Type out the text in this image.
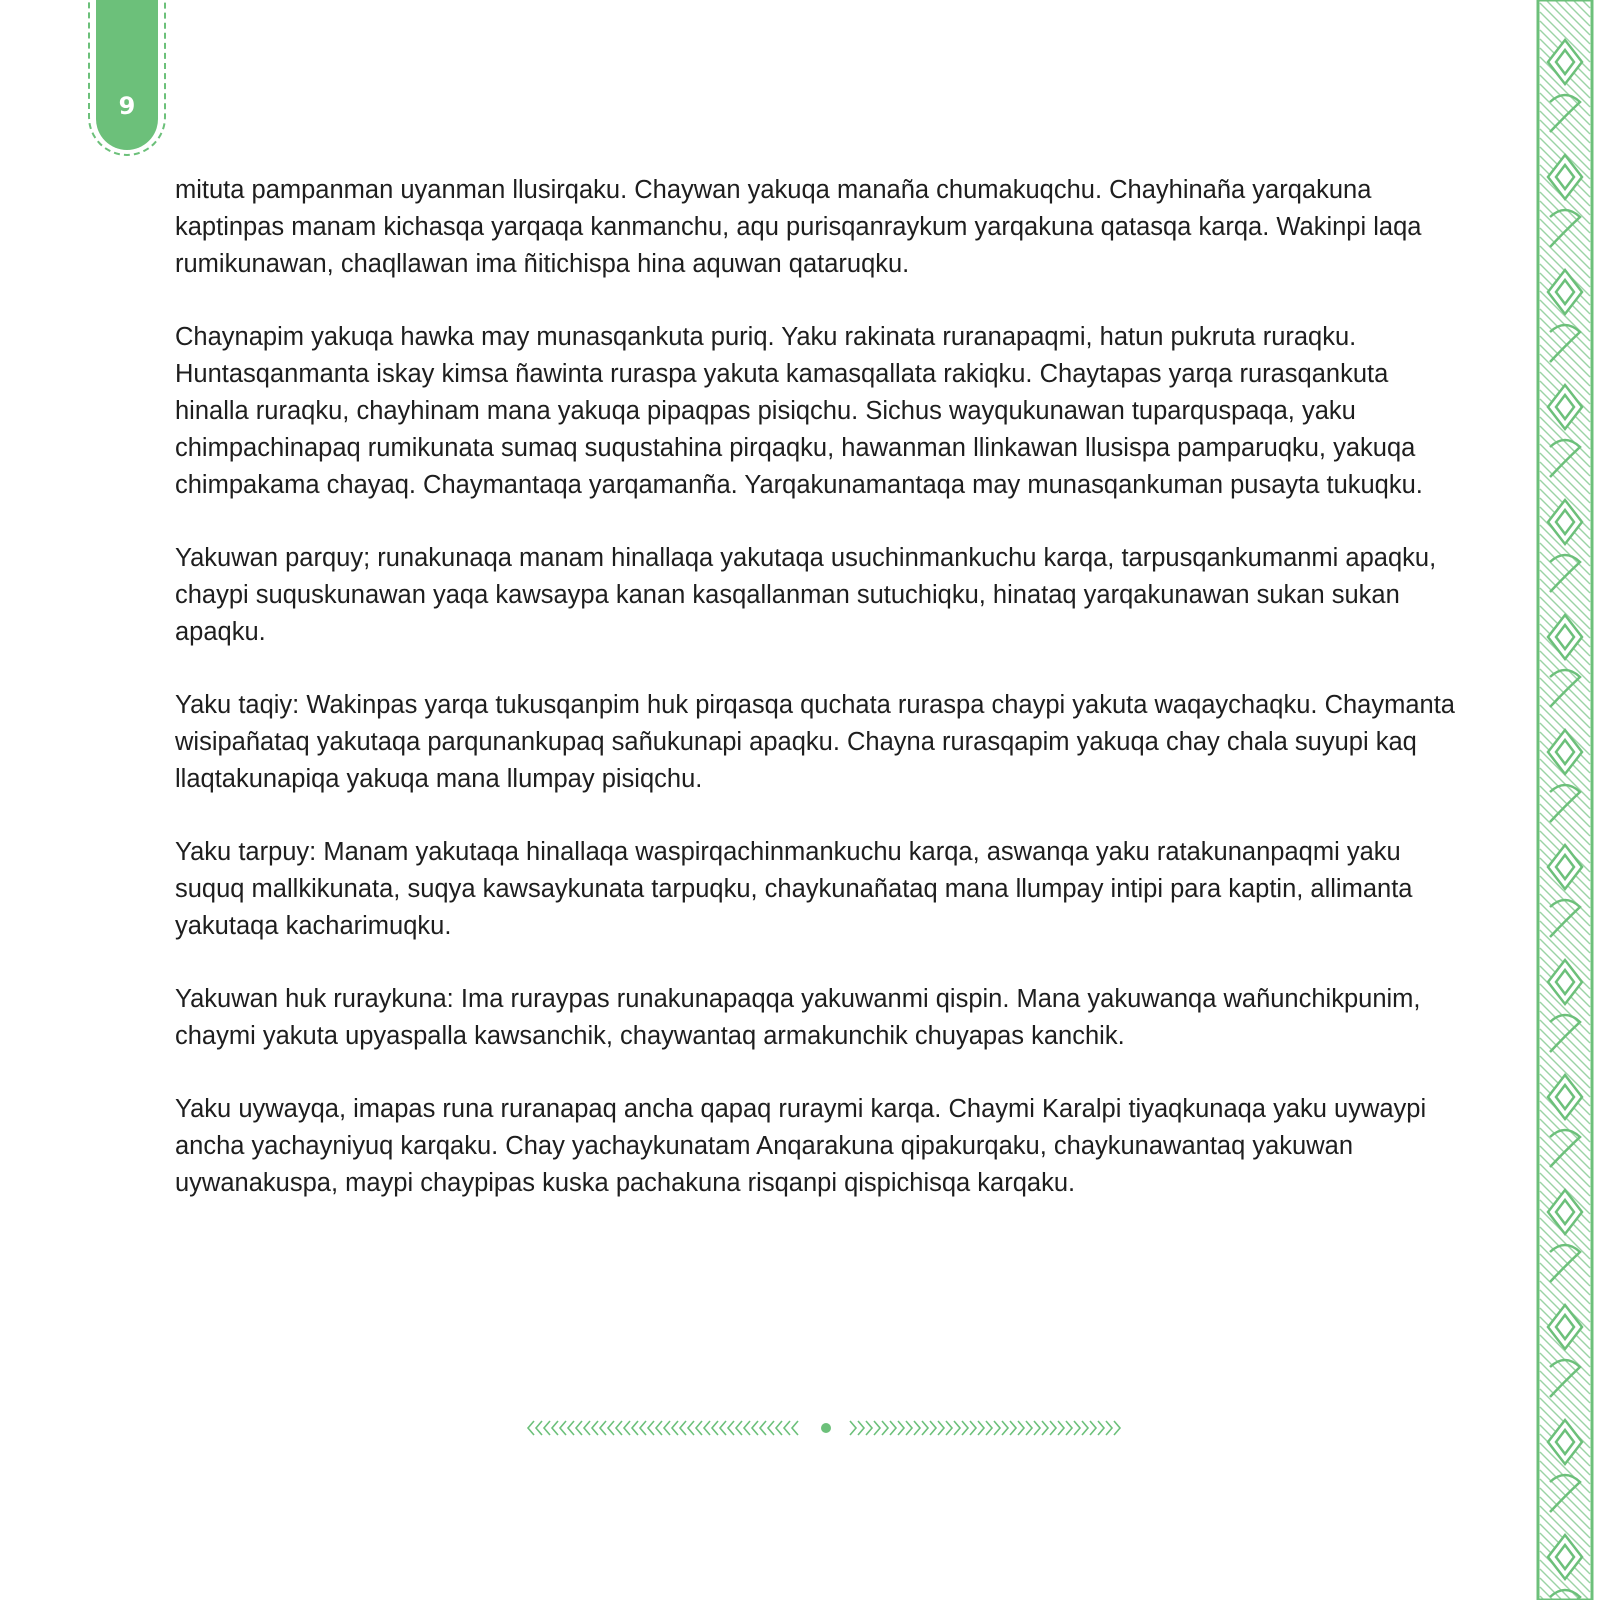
9

mituta pampanman uyanman llusirqaku. Chaywan yakuqa manaña chumakuqchu. Chayhinaña yarqakuna kaptinpas manam kichasqa yarqaqa kanmanchu, aqu purisqanraykum yarqakuna qatasqa karqa. Wakinpi laqa rumikunawan, chaqllawan ima ñitichispa hina aquwan qataruqku.

Chaynapim yakuqa hawka may munasqankuta puriq. Yaku rakinata ruranapaqmi, hatun pukruta ruraqku. Huntasqanmanta iskay kimsa ñawinta ruraspa yakuta kamasqallata rakiqku. Chaytapas yarqa rurasqankuta hinalla ruraqku, chayhinam mana yakuqa pipaqpas pisiqchu. Sichus wayqukunawan tuparquspaqa, yaku chimpachinapaq rumikunata sumaq suqustahina pirqaqku, hawanman llinkawan llusispa pamparuqku, yakuqa chimpakama chayaq. Chaymantaqa yarqamanña. Yarqakunamantaqa may munasqankuman pusayta tukuqku.

Yakuwan parquy; runakunaqa manam hinallaqa yakutaqa usuchinmankuchu karqa, tarpusqankumanmi apaqku, chaypi suquskunawan yaqa kawsaypa kanan kasqallanman sutuchiqku, hinataq yarqakunawan sukan sukan apaqku.

Yaku taqiy: Wakinpas yarqa tukusqanpim huk pirqasqa quchata ruraspa chaypi yakuta waqaychaqku. Chaymanta wisipañataq yakutaqa parqunankupaq sañukunapi apaqku. Chayna rurasqapim yakuqa chay chala suyupi kaq llaqtakunapiqa yakuqa mana llumpay pisiqchu.

Yaku tarpuy: Manam yakutaqa hinallaqa waspirqachinmankuchu karqa, aswanqa yaku ratakunanpaqmi yaku suquq mallkikunata, suqya kawsaykunata tarpuqku, chaykunañataq mana llumpay intipi para kaptin, allimanta yakutaqa kacharimuqku.

Yakuwan huk ruraykuna: Ima ruraypas runakunapaqqa yakuwanmi qispin. Mana yakuwanqa wañunchikpunim, chaymi yakuta upyaspalla kawsanchik, chaywantaq armakunchik chuyapas kanchik.

Yaku uywayqa, imapas runa ruranapaq ancha qapaq ruraymi karqa. Chaymi Karalpi tiyaqkunaqa yaku uywaypi ancha yachayniyuq karqaku. Chay yachaykunatam Anqarakuna qipakurqaku, chaykunawantaq yakuwan uywanakuspa, maypi chaypipas kuska pachakuna risqanpi qispichisqa karqaku.
